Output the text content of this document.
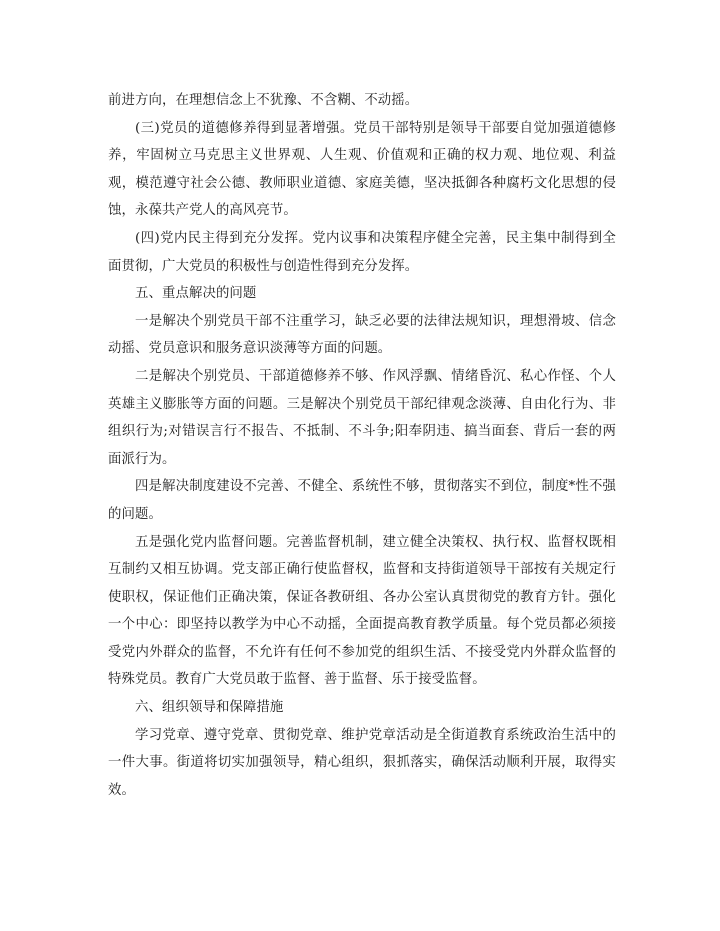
前进方向，在理想信念上不犹豫、不含糊、不动摇。

(三)党员的道德修养得到显著增强。党员干部特别是领导干部要自觉加强道德修养，牢固树立马克思主义世界观、人生观、价值观和正确的权力观、地位观、利益观，模范遵守社会公德、教师职业道德、家庭美德，坚决抵御各种腐朽文化思想的侵蚀，永葆共产党人的高风亮节。

(四)党内民主得到充分发挥。党内议事和决策程序健全完善，民主集中制得到全面贯彻，广大党员的积极性与创造性得到充分发挥。

五、重点解决的问题

一是解决个别党员干部不注重学习，缺乏必要的法律法规知识，理想滑坡、信念动摇、党员意识和服务意识淡薄等方面的问题。

二是解决个别党员、干部道德修养不够、作风浮飘、情绪昏沉、私心作怪、个人英雄主义膨胀等方面的问题。三是解决个别党员干部纪律观念淡薄、自由化行为、非组织行为;对错误言行不报告、不抵制、不斗争;阳奉阴违、搞当面套、背后一套的两面派行为。

四是解决制度建设不完善、不健全、系统性不够，贯彻落实不到位，制度*性不强的问题。

五是强化党内监督问题。完善监督机制，建立健全决策权、执行权、监督权既相互制约又相互协调。党支部正确行使监督权，监督和支持街道领导干部按有关规定行使职权，保证他们正确决策，保证各教研组、各办公室认真贯彻党的教育方针。强化一个中心：即坚持以教学为中心不动摇，全面提高教育教学质量。每个党员都必须接受党内外群众的监督，不允许有任何不参加党的组织生活、不接受党内外群众监督的特殊党员。教育广大党员敢于监督、善于监督、乐于接受监督。

六、组织领导和保障措施

学习党章、遵守党章、贯彻党章、维护党章活动是全街道教育系统政治生活中的一件大事。街道将切实加强领导，精心组织，狠抓落实，确保活动顺利开展，取得实效。
